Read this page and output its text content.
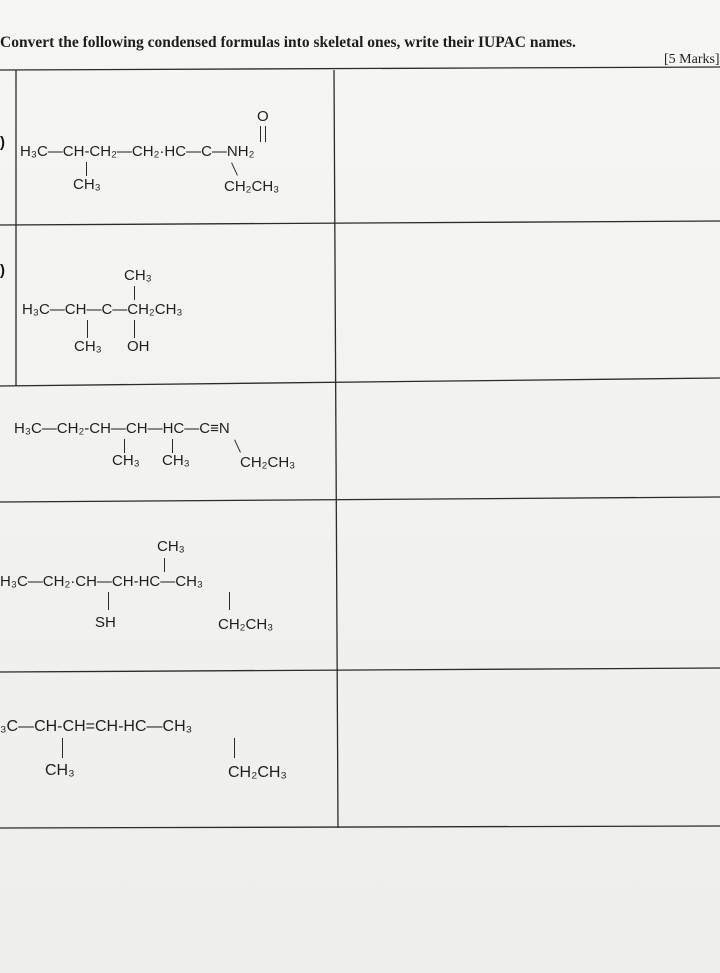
Convert the following condensed formulas into skeletal ones, write their IUPAC names.
[5 Marks]
)
O
H₃C—CH-CH₂—CH₂·HC—C—NH₂
CH₃	CH₂CH₃
)	CH₃
H₃C—CH—C—CH₂CH₃
CH₃ OH
H₃C—CH₂-CH—CH—HC—C≡N
CH₃ CH₃	CH₂CH₃
CH₃
H₃C—CH₂·CH—CH-HC—CH₃
SH	CH₂CH₃
₃C—CH-CH=CH-HC—CH₃
CH₃	CH₂CH₃
